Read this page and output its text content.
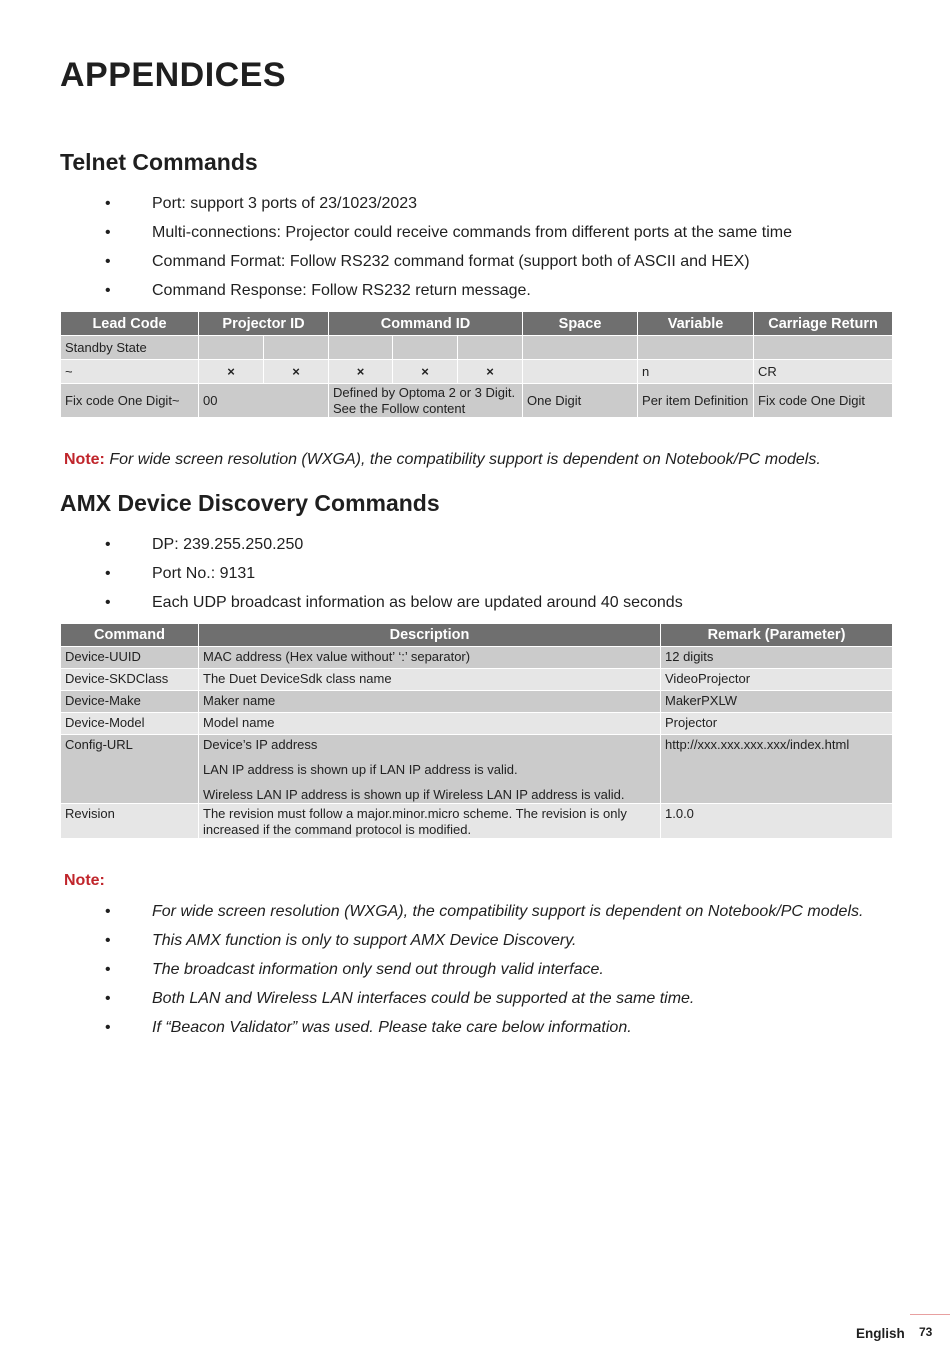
APPENDICES
Telnet Commands
•	Port: support 3 ports of 23/1023/2023
•	Multi-connections: Projector could receive commands from different ports at the same time
•	Command Format: Follow RS232 command format (support both of ASCII and HEX)
•	Command Response: Follow RS232 return message.
Lead Code	Projector ID		Command ID			Space	Variable	Carriage Return
Standby State								
~	×	×	×	×	×		n	CR
Fix code One Digit~	00		Defined by Optoma 2 or 3 Digit. See the Follow content			One Digit	Per item Definition	Fix code One Digit
Note: For wide screen resolution (WXGA), the compatibility support is dependent on Notebook/PC models.
AMX Device Discovery Commands
•	DP: 239.255.250.250
•	Port No.: 9131
•	Each UDP broadcast information as below are updated around 40 seconds
Command	Description	Remark (Parameter)
Device-UUID	MAC address (Hex value without’ ‘:’ separator)	12 digits
Device-SKDClass	The Duet DeviceSdk class name	VideoProjector
Device-Make	Maker name	MakerPXLW
Device-Model	Model name	Projector
Config-URL	Device’s IP address
LAN IP address is shown up if LAN IP address is valid.
Wireless LAN IP address is shown up if Wireless LAN IP address is valid.	http://xxx.xxx.xxx.xxx/index.html
Revision	The revision must follow a major.minor.micro scheme. The revision is only increased if the command protocol is modified.	1.0.0
Note:
•	For wide screen resolution (WXGA), the compatibility support is dependent on Notebook/PC models.
•	This AMX function is only to support AMX Device Discovery.
•	The broadcast information only send out through valid interface.
•	Both LAN and Wireless LAN interfaces could be supported at the same time.
•	If “Beacon Validator” was used. Please take care below information.
English 73
